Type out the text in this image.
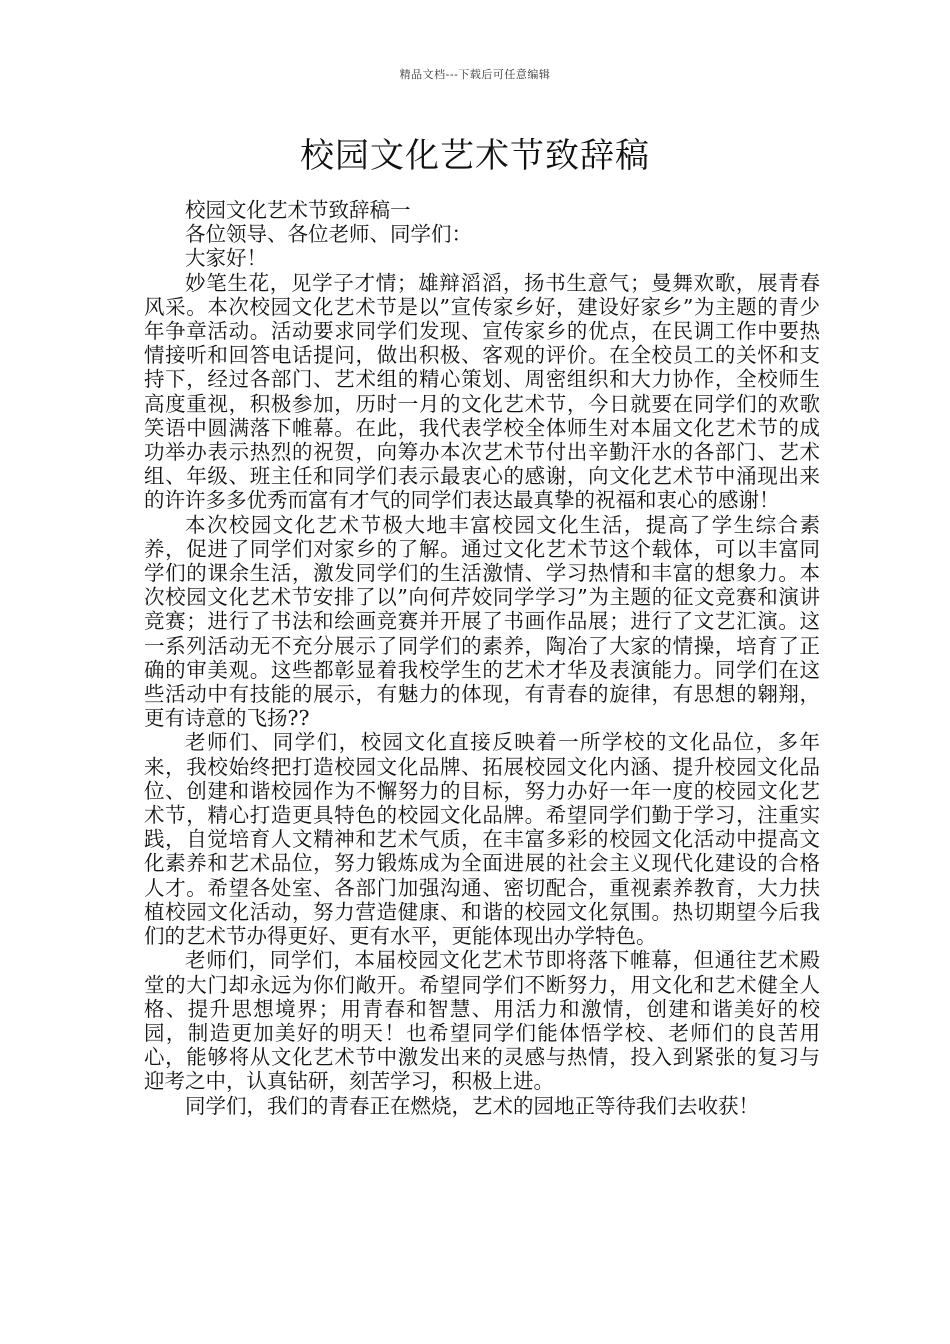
精品文档---下载后可任意编辑
校园文化艺术节致辞稿

校园文化艺术节致辞稿一

各位领导、各位老师、同学们：

大家好！

妙笔生花，见学子才情；雄辩滔滔，扬书生意气；曼舞欢歌，展青春风采。本次校园文化艺术节是以”宣传家乡好，建设好家乡”为主题的青少年争章活动。活动要求同学们发现、宣传家乡的优点，在民调工作中要热情接听和回答电话提问，做出积极、客观的评价。在全校员工的关怀和支持下，经过各部门、艺术组的精心策划、周密组织和大力协作，全校师生高度重视，积极参加，历时一月的文化艺术节，今日就要在同学们的欢歌笑语中圆满落下帷幕。在此，我代表学校全体师生对本届文化艺术节的成功举办表示热烈的祝贺，向筹办本次艺术节付出辛勤汗水的各部门、艺术组、年级、班主任和同学们表示最衷心的感谢，向文化艺术节中涌现出来的许许多多优秀而富有才气的同学们表达最真挚的祝福和衷心的感谢！

本次校园文化艺术节极大地丰富校园文化生活，提高了学生综合素养，促进了同学们对家乡的了解。通过文化艺术节这个载体，可以丰富同学们的课余生活，激发同学们的生活激情、学习热情和丰富的想象力。本次校园文化艺术节安排了以”向何芹姣同学学习”为主题的征文竞赛和演讲竞赛；进行了书法和绘画竞赛并开展了书画作品展；进行了文艺汇演。这一系列活动无不充分展示了同学们的素养，陶冶了大家的情操，培育了正确的审美观。这些都彰显着我校学生的艺术才华及表演能力。同学们在这些活动中有技能的展示，有魅力的体现，有青春的旋律，有思想的翱翔，更有诗意的飞扬??

老师们、同学们，校园文化直接反映着一所学校的文化品位，多年来，我校始终把打造校园文化品牌、拓展校园文化内涵、提升校园文化品位、创建和谐校园作为不懈努力的目标，努力办好一年一度的校园文化艺术节，精心打造更具特色的校园文化品牌。希望同学们勤于学习，注重实践，自觉培育人文精神和艺术气质，在丰富多彩的校园文化活动中提高文化素养和艺术品位，努力锻炼成为全面进展的社会主义现代化建设的合格人才。希望各处室、各部门加强沟通、密切配合，重视素养教育，大力扶植校园文化活动，努力营造健康、和谐的校园文化氛围。热切期望今后我们的艺术节办得更好、更有水平，更能体现出办学特色。

老师们，同学们，本届校园文化艺术节即将落下帷幕，但通往艺术殿堂的大门却永远为你们敞开。希望同学们不断努力，用文化和艺术健全人格、提升思想境界；用青春和智慧、用活力和激情，创建和谐美好的校园，制造更加美好的明天！也希望同学们能体悟学校、老师们的良苦用心，能够将从文化艺术节中激发出来的灵感与热情，投入到紧张的复习与迎考之中，认真钻研，刻苦学习，积极上进。

同学们，我们的青春正在燃烧，艺术的园地正等待我们去收获！
